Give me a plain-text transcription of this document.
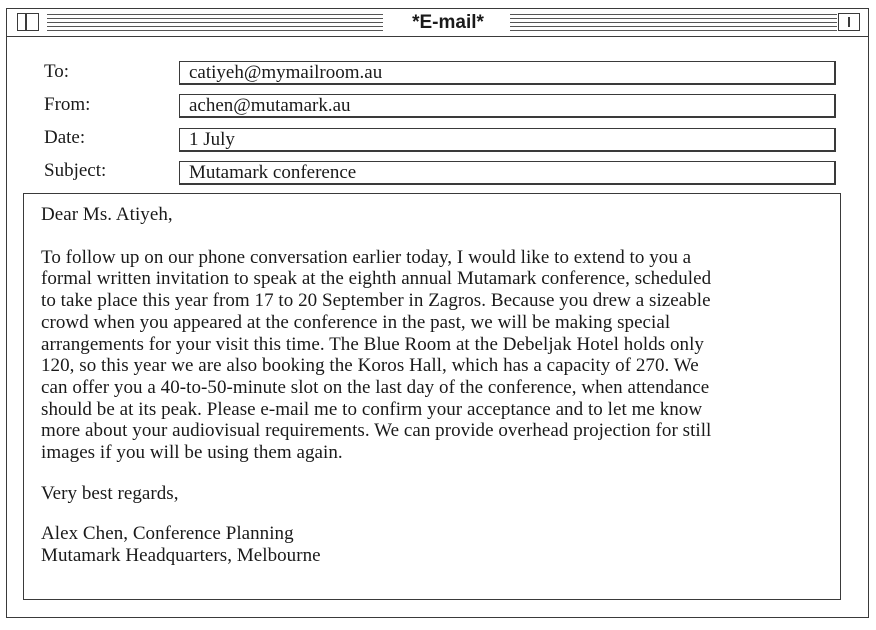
*E-mail*
To:	catiyeh@mymailroom.au
From:	achen@mutamark.au
Date:	1 July
Subject:	Mutamark conference

Dear Ms. Atiyeh,

To follow up on our phone conversation earlier today, I would like to extend to you a
formal written invitation to speak at the eighth annual Mutamark conference, scheduled
to take place this year from 17 to 20 September in Zagros. Because you drew a sizeable
crowd when you appeared at the conference in the past, we will be making special
arrangements for your visit this time. The Blue Room at the Debeljak Hotel holds only
120, so this year we are also booking the Koros Hall, which has a capacity of 270. We
can offer you a 40-to-50-minute slot on the last day of the conference, when attendance
should be at its peak. Please e-mail me to confirm your acceptance and to let me know
more about your audiovisual requirements. We can provide overhead projection for still
images if you will be using them again.

Very best regards,

Alex Chen, Conference Planning

Mutamark Headquarters, Melbourne
